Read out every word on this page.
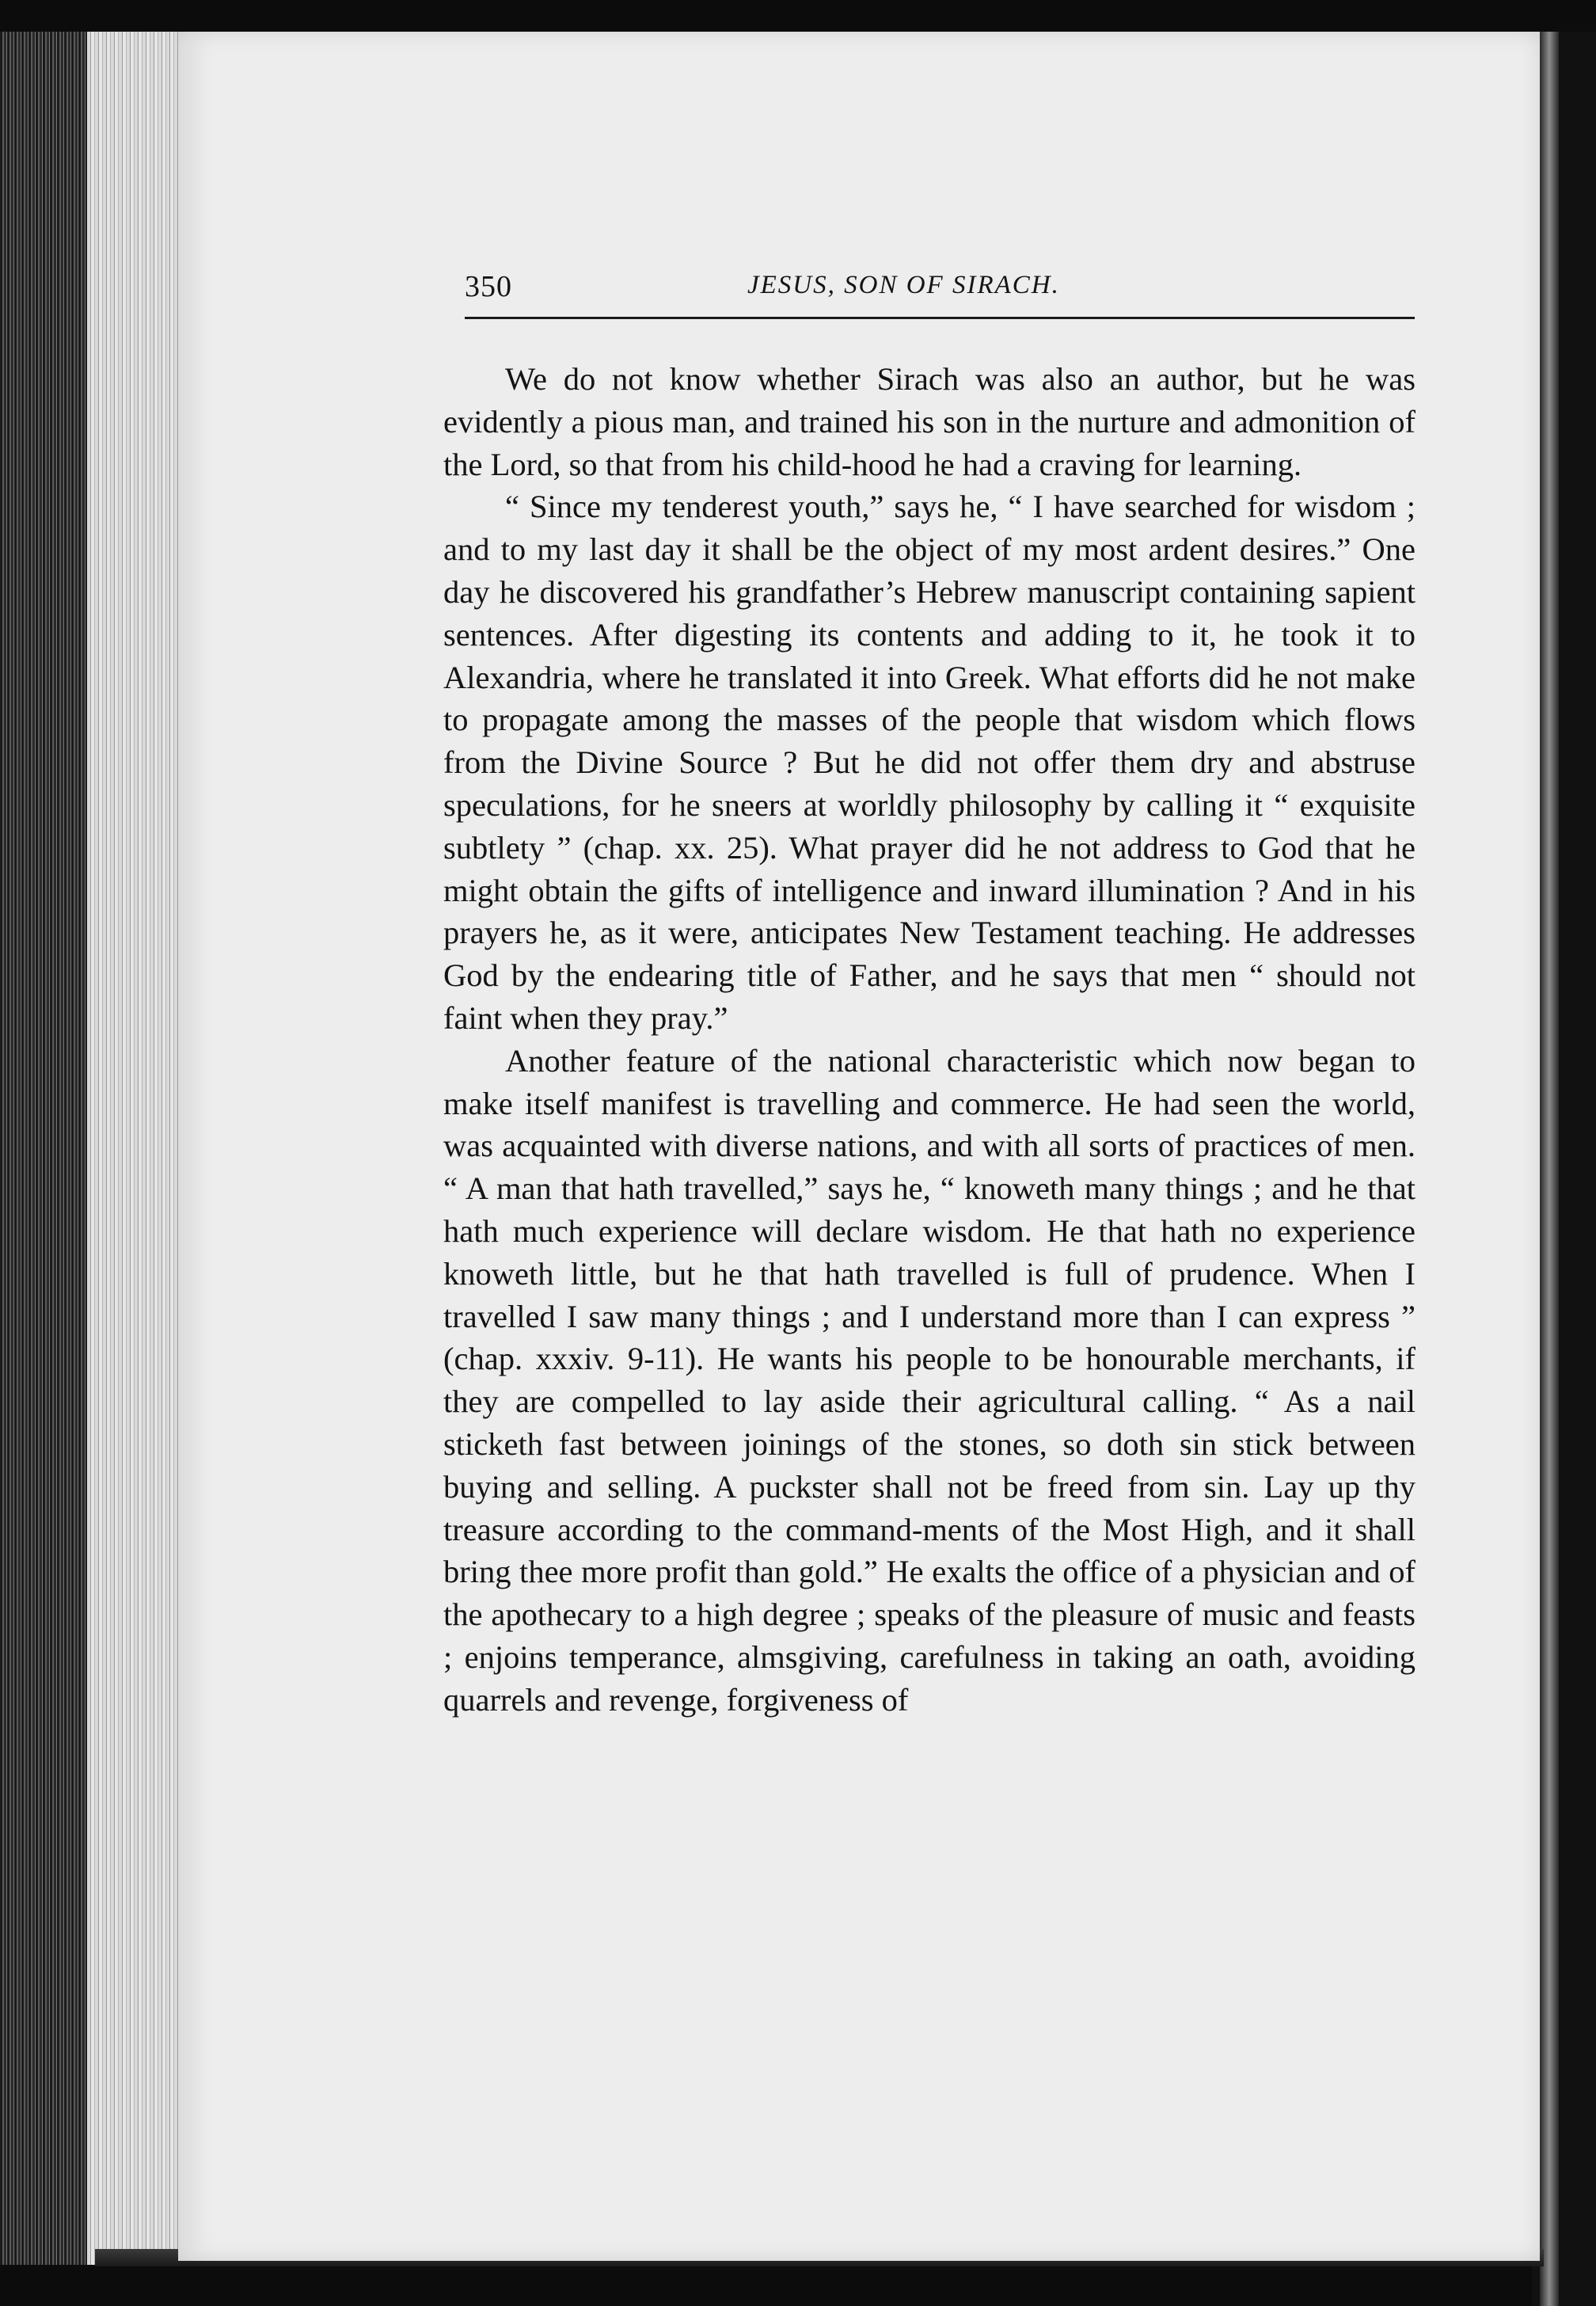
350	JESUS, SON OF SIRACH.

We do not know whether Sirach was also an author, but he was evidently a pious man, and trained his son in the nurture and admonition of the Lord, so that from his child-hood he had a craving for learning.

“ Since my tenderest youth,” says he, “ I have searched for wisdom ; and to my last day it shall be the object of my most ardent desires.” One day he discovered his grandfather’s Hebrew manuscript containing sapient sentences. After digesting its contents and adding to it, he took it to Alexandria, where he translated it into Greek. What efforts did he not make to propagate among the masses of the people that wisdom which flows from the Divine Source ? But he did not offer them dry and abstruse speculations, for he sneers at worldly philosophy by calling it “ exquisite subtlety ” (chap. xx. 25). What prayer did he not address to God that he might obtain the gifts of intelligence and inward illumination ? And in his prayers he, as it were, anticipates New Testament teaching. He addresses God by the endearing title of Father, and he says that men “ should not faint when they pray.”

Another feature of the national characteristic which now began to make itself manifest is travelling and commerce. He had seen the world, was acquainted with diverse nations, and with all sorts of practices of men. “ A man that hath travelled,” says he, “ knoweth many things ; and he that hath much experience will declare wisdom. He that hath no experience knoweth little, but he that hath travelled is full of prudence. When I travelled I saw many things ; and I understand more than I can express ” (chap. xxxiv. 9-11). He wants his people to be honourable merchants, if they are compelled to lay aside their agricultural calling. “ As a nail sticketh fast between joinings of the stones, so doth sin stick between buying and selling. A puckster shall not be freed from sin. Lay up thy treasure according to the command-ments of the Most High, and it shall bring thee more profit than gold.” He exalts the office of a physician and of the apothecary to a high degree ; speaks of the pleasure of music and feasts ; enjoins temperance, almsgiving, carefulness in taking an oath, avoiding quarrels and revenge, forgiveness of
